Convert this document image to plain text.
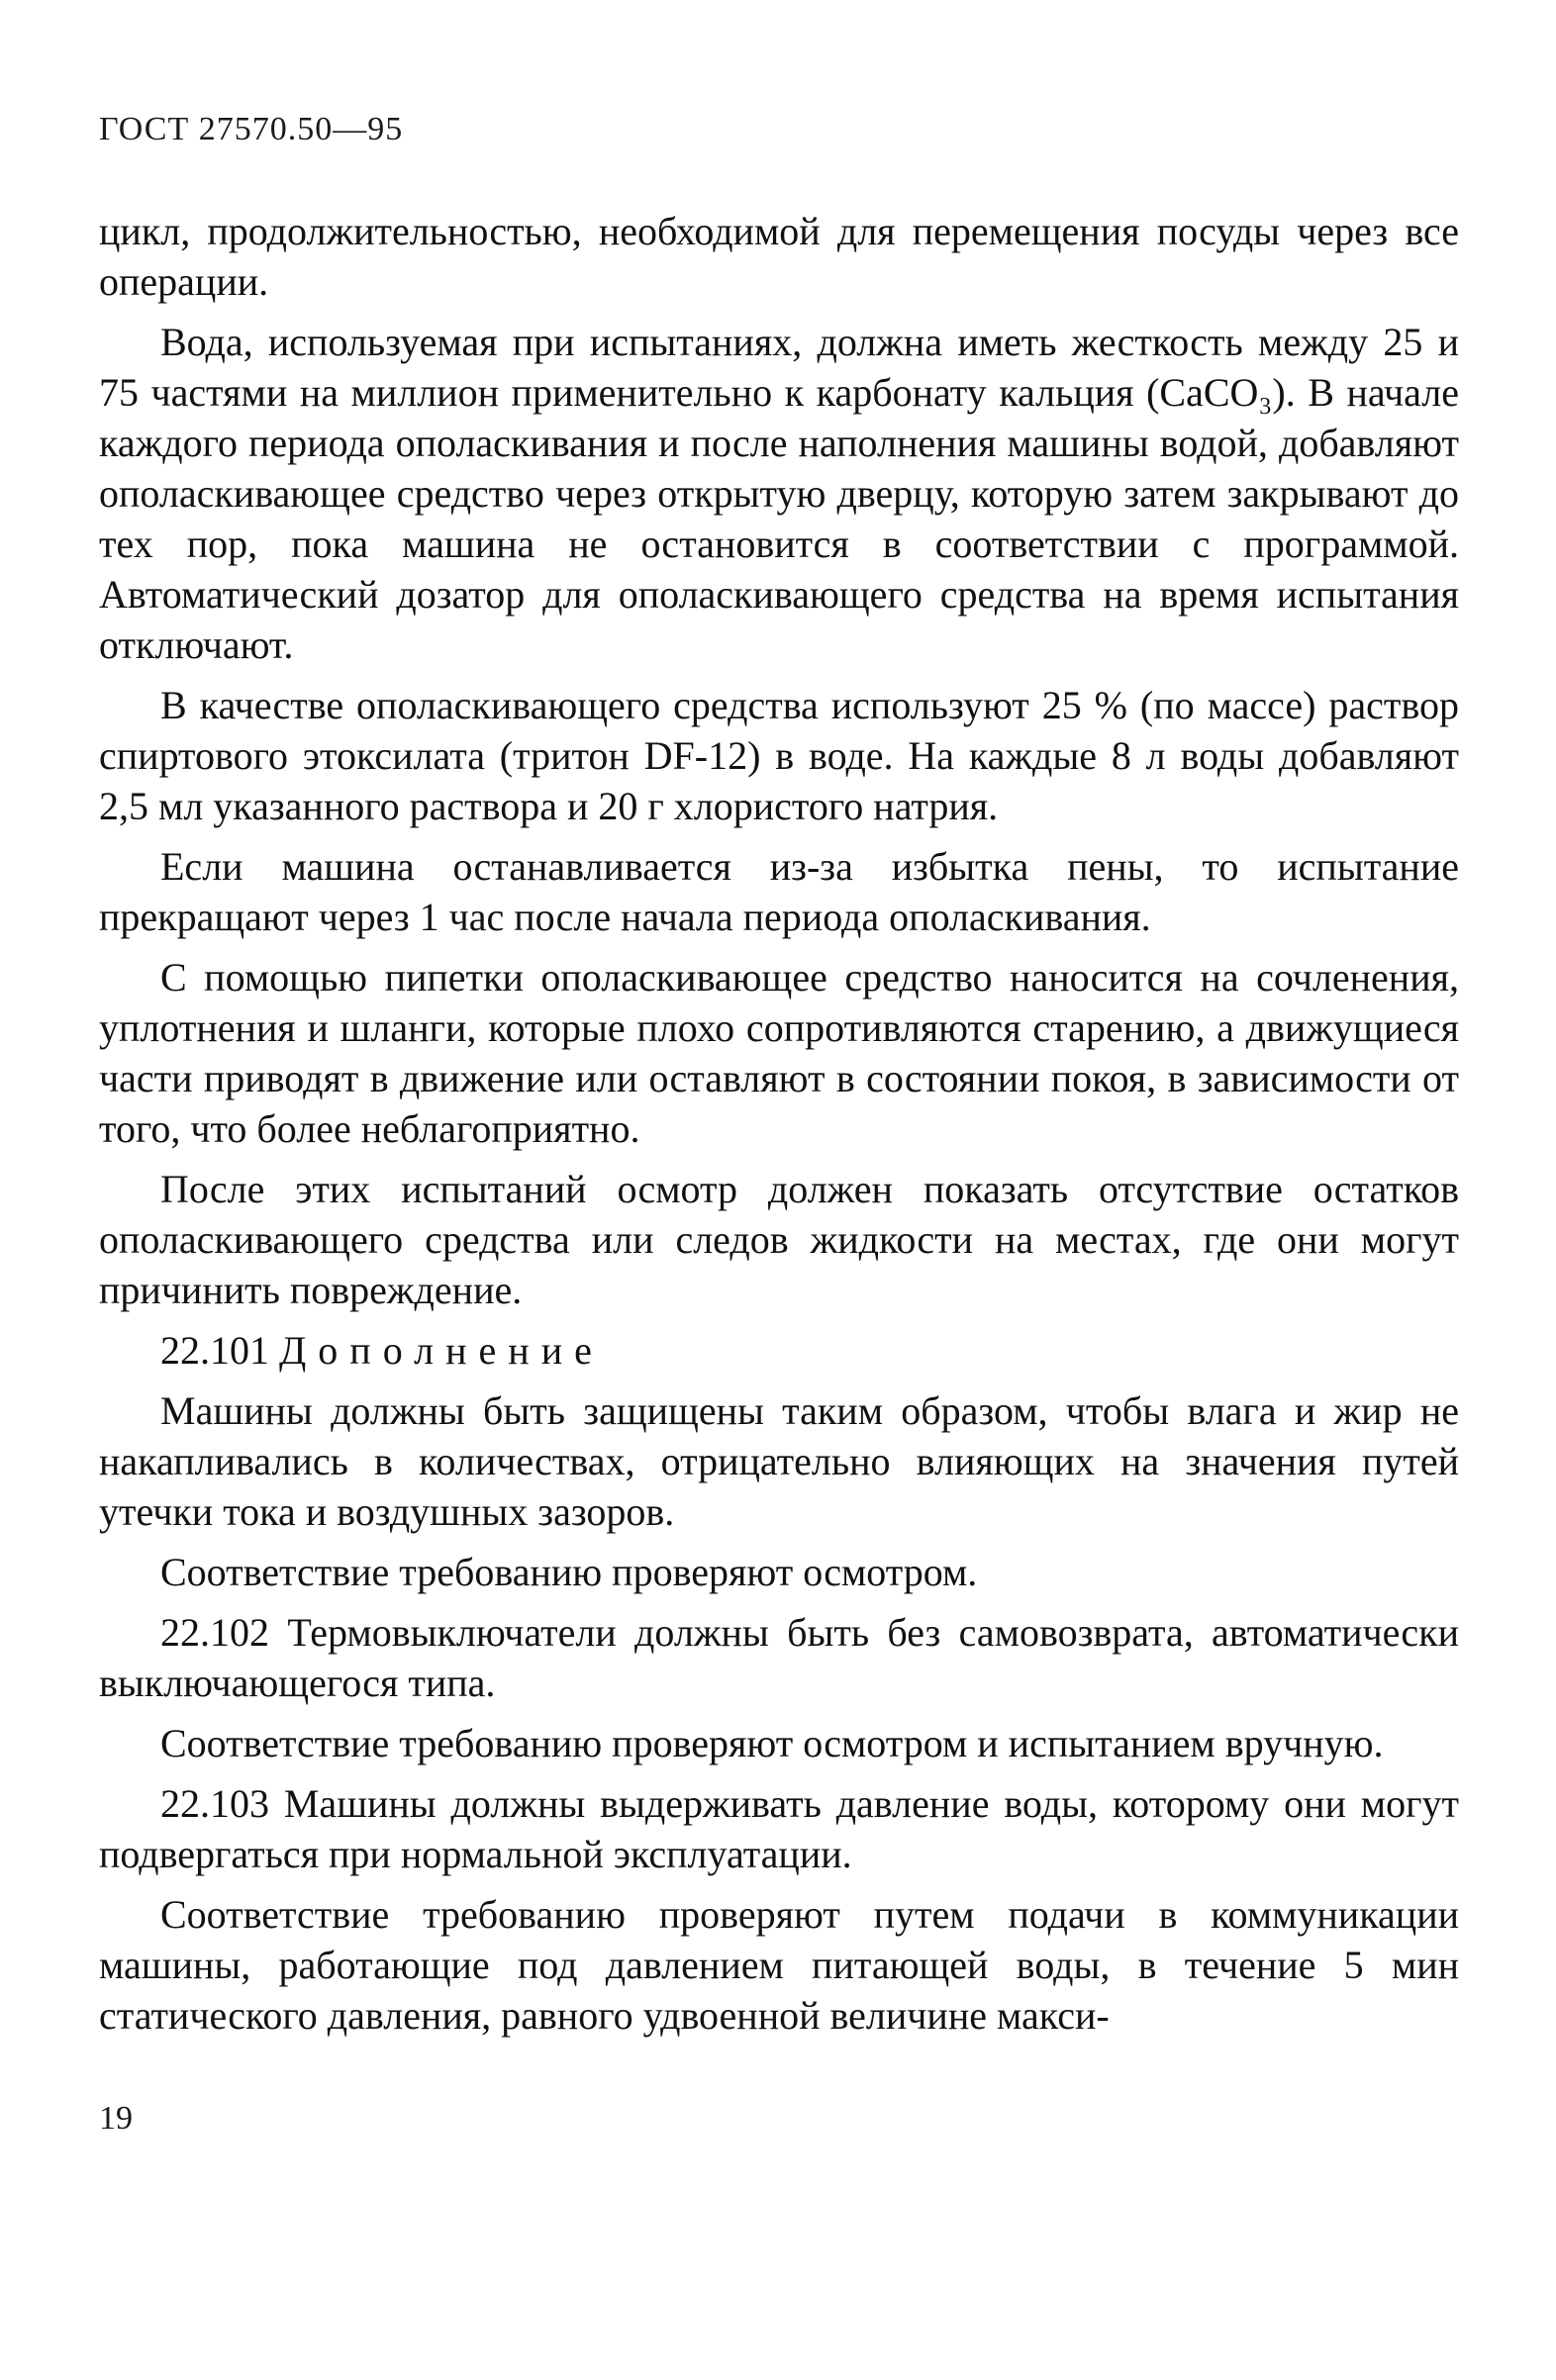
ГОСТ 27570.50—95

цикл, продолжительностью, необходимой для перемещения посуды через все операции.

Вода, используемая при испытаниях, должна иметь жесткость между 25 и 75 частями на миллион применительно к карбонату кальция (CaCO₃). В начале каждого периода ополаскивания и после наполнения машины водой, добавляют ополаскивающее средство через открытую дверцу, которую затем закрывают до тех пор, пока машина не остановится в соответствии с программой. Автоматический дозатор для ополаскивающего средства на время испытания отключают.

В качестве ополаскивающего средства используют 25 % (по массе) раствор спиртового этоксилата (тритон DF-12) в воде. На каждые 8 л воды добавляют 2,5 мл указанного раствора и 20 г хлористого натрия.

Если машина останавливается из-за избытка пены, то испытание прекращают через 1 час после начала периода ополаскивания.

С помощью пипетки ополаскивающее средство наносится на сочленения, уплотнения и шланги, которые плохо сопротивляются старению, а движущиеся части приводят в движение или оставляют в состоянии покоя, в зависимости от того, что более неблагоприятно.

После этих испытаний осмотр должен показать отсутствие остатков ополаскивающего средства или следов жидкости на местах, где они могут причинить повреждение.

22.101 Дополнение

Машины должны быть защищены таким образом, чтобы влага и жир не накапливались в количествах, отрицательно влияющих на значения путей утечки тока и воздушных зазоров.

Соответствие требованию проверяют осмотром.

22.102 Термовыключатели должны быть без самовозврата, автоматически выключающегося типа.

Соответствие требованию проверяют осмотром и испытанием вручную.

22.103 Машины должны выдерживать давление воды, которому они могут подвергаться при нормальной эксплуатации.

Соответствие требованию проверяют путем подачи в коммуникации машины, работающие под давлением питающей воды, в течение 5 мин статического давления, равного удвоенной величине макси-

19
